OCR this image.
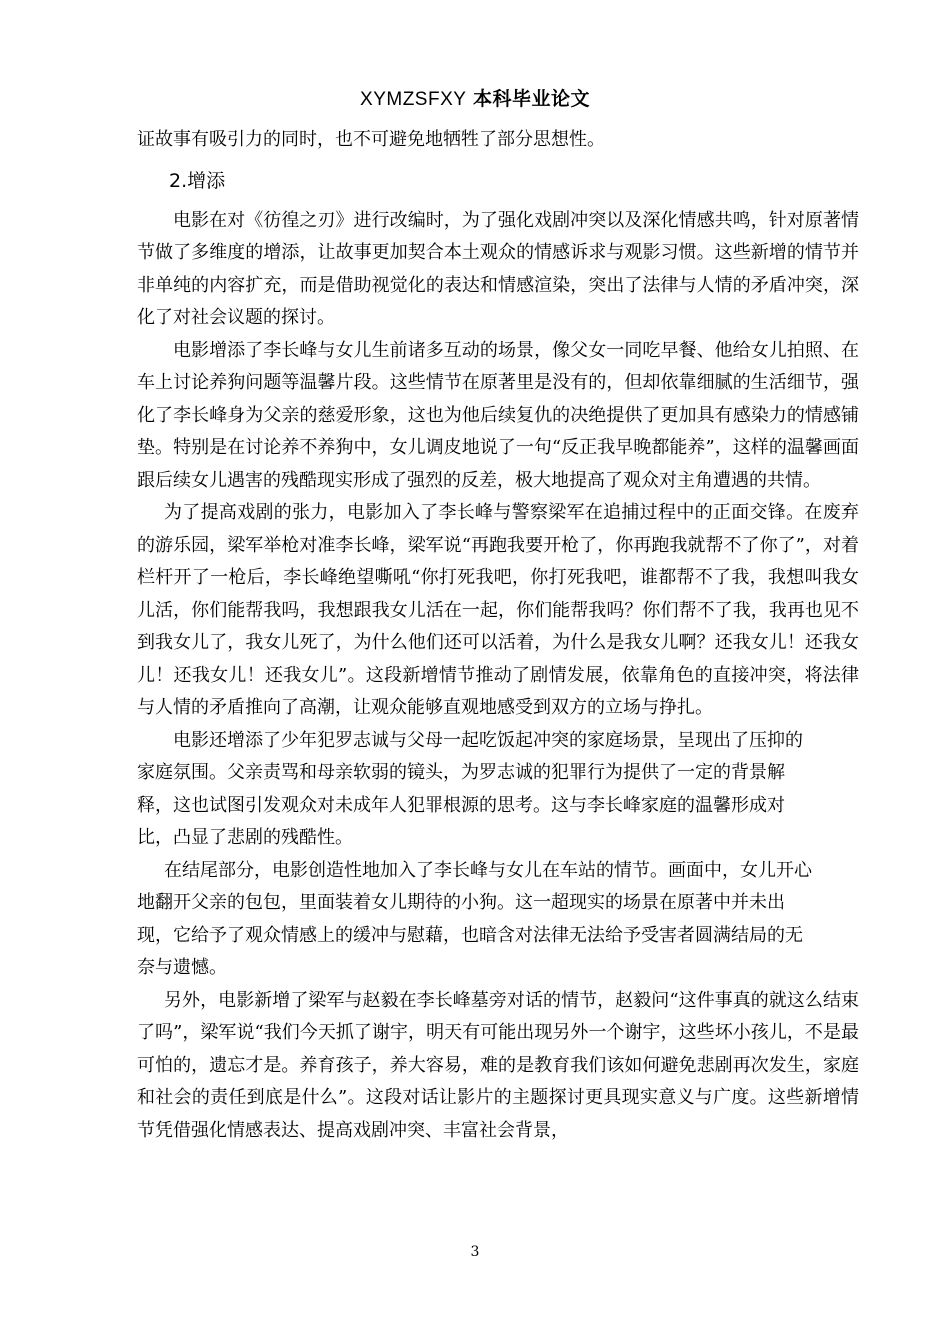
XYMZSFXY 本科毕业论文

证故事有吸引力的同时，也不可避免地牺牲了部分思想性。

2.增添

电影在对《彷徨之刃》进行改编时，为了强化戏剧冲突以及深化情感共鸣，针对原著情节做了多维度的增添，让故事更加契合本土观众的情感诉求与观影习惯。这些新增的情节并非单纯的内容扩充，而是借助视觉化的表达和情感渲染，突出了法律与人情的矛盾冲突，深化了对社会议题的探讨。

电影增添了李长峰与女儿生前诸多互动的场景，像父女一同吃早餐、他给女儿拍照、在车上讨论养狗问题等温馨片段。这些情节在原著里是没有的，但却依靠细腻的生活细节，强化了李长峰身为父亲的慈爱形象，这也为他后续复仇的决绝提供了更加具有感染力的情感铺垫。特别是在讨论养不养狗中，女儿调皮地说了一句“反正我早晚都能养”，这样的温馨画面跟后续女儿遇害的残酷现实形成了强烈的反差，极大地提高了观众对主角遭遇的共情。

为了提高戏剧的张力，电影加入了李长峰与警察梁军在追捕过程中的正面交锋。在废弃的游乐园，梁军举枪对准李长峰，梁军说“再跑我要开枪了，你再跑我就帮不了你了”，对着栏杆开了一枪后，李长峰绝望嘶吼“你打死我吧，你打死我吧，谁都帮不了我，我想叫我女儿活，你们能帮我吗，我想跟我女儿活在一起，你们能帮我吗？你们帮不了我，我再也见不到我女儿了，我女儿死了，为什么他们还可以活着，为什么是我女儿啊？还我女儿！还我女儿！还我女儿！还我女儿”。这段新增情节推动了剧情发展，依靠角色的直接冲突，将法律与人情的矛盾推向了高潮，让观众能够直观地感受到双方的立场与挣扎。

电影还增添了少年犯罗志诚与父母一起吃饭起冲突的家庭场景，呈现出了压抑的
家庭氛围。父亲责骂和母亲软弱的镜头，为罗志诚的犯罪行为提供了一定的背景解
释，这也试图引发观众对未成年人犯罪根源的思考。这与李长峰家庭的温馨形成对
比，凸显了悲剧的残酷性。

在结尾部分，电影创造性地加入了李长峰与女儿在车站的情节。画面中，女儿开心
地翻开父亲的包包，里面装着女儿期待的小狗。这一超现实的场景在原著中并未出
现，它给予了观众情感上的缓冲与慰藉，也暗含对法律无法给予受害者圆满结局的无
奈与遗憾。

另外，电影新增了梁军与赵毅在李长峰墓旁对话的情节，赵毅问“这件事真的就这么结束了吗”，梁军说“我们今天抓了谢宇，明天有可能出现另外一个谢宇，这些坏小孩儿，不是最可怕的，遗忘才是。养育孩子，养大容易，难的是教育我们该如何避免悲剧再次发生，家庭和社会的责任到底是什么”。这段对话让影片的主题探讨更具现实意义与广度。这些新增情节凭借强化情感表达、提高戏剧冲突、丰富社会背景，

3
